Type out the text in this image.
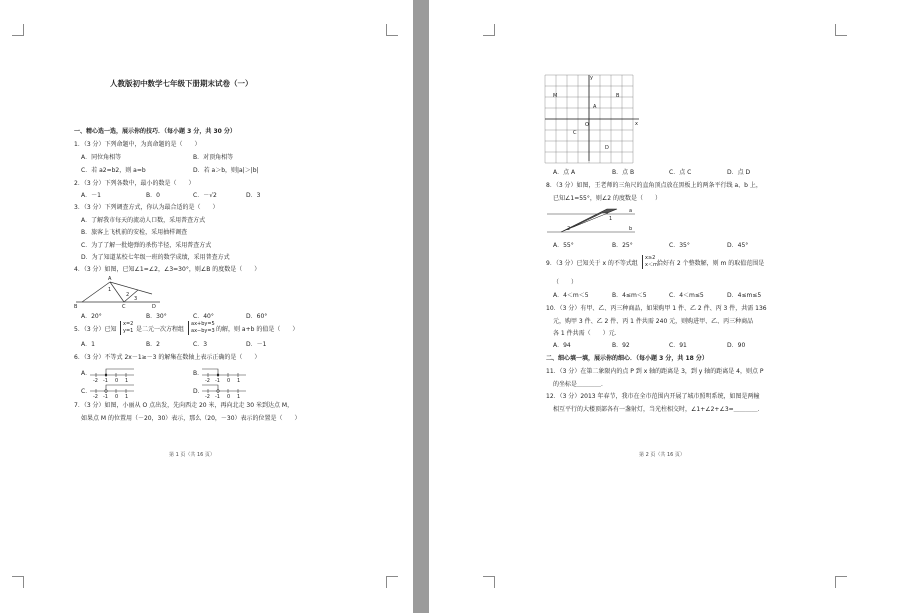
人教版初中数学七年级下册期末试卷（一）
一、精心选一选，展示你的技巧．（每小题 3 分，共 30 分）
1．（3 分）下列命题中，为真命题的是（　　）
A．同位角相等	B．对顶角相等
C．若 a2=b2，则 a=b	D．若 a＞b，则|a|＞|b|
2．（3 分）下列各数中，最小的数是（　　）
A．－1	B．0	C．－√2	D．3
3．（3 分）下列调查方式，你认为最合适的是（　　）
A．了解我市每天的流动人口数，采用普查方式
B．旅客上飞机前的安检，采用抽样调查
C．为了了解一批炮弹的杀伤半径，采用普查方式
D．为了知道某校七年级一班的数学成绩，采用普查方式
4．（3 分）如图，已知∠1=∠2，∠3=30°，则∠B 的度数是（　　）
A
B	C	D
1
2
3
A．20°	B．30°	C．40°	D．60°
5．（3 分）已知
x=2
y=1 是二元一次方程组
ax+by=5
ax−by=3 的解，则 a+b 的值是（　　）
A．1	B．2	C．3	D．－1
6．（3 分）不等式 2x－1≥－3 的解集在数轴上表示正确的是（　　）
A．
-2 -1 0 1
B．
-2 -1 0 1
C．
-2 -1 0 1
D．
-2 -1 0 1
7．（3 分）如图，小丽从 O 点出发，先向西走 20 米，再向北走 30 米到达点 M，
如果点 M 的位置用（－20，30）表示，那么（20，－30）表示的位置是（　　）
第 1 页（共 16 页）
y
x
M	B
A
O
C
D
A．点 A	B．点 B	C．点 C	D．点 D
8．（3 分）如图，王老师的三角尺的直角顶点放在黑板上的两条平行线 a、b 上，
已知∠1=55°，则∠2 的度数是（　　）
a
b
1
2
A．55°	B．25°	C．35°	D．45°
9．（3 分）已知关于 x 的不等式组
x≥2
x＜m 恰好有 2 个整数解，则 m 的取值范围是
（　　）
A．4＜m＜5	B．4≤m＜5	C．4＜m≤5	D．4≤m≤5
10．（3 分）有甲、乙、丙三种商品，如果购甲 1 件、乙 2 件、丙 3 件，共需 136
元，购甲 3 件、乙 2 件、丙 1 件共需 240 元，则购进甲、乙、丙三种商品
各 1 件共需（　　）元．
A．94	B．92	C．91	D．90
二、细心填一填，展示你的细心．（每小题 3 分，共 18 分）
11．（3 分）在第二象限内的点 P 到 x 轴的距离是 3，到 y 轴的距离是 4，则点 P
的坐标是＿＿＿＿．
12．（3 分）2013 年春节，我市在全市范围内开展了城市照明系统，如图是两幢
相互平行的大楼顶部各有一盏射灯，当光柱相交时，∠1+∠2+∠3=＿＿＿＿．
第 2 页（共 16 页）
